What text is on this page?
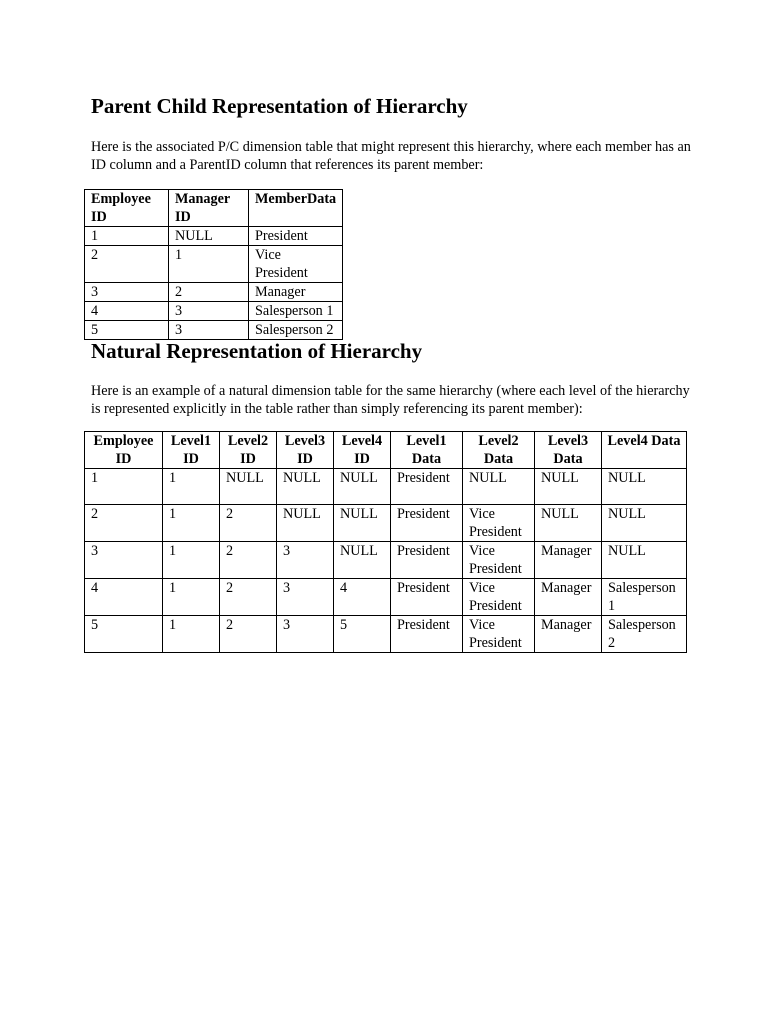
Parent Child Representation of Hierarchy

Here is the associated P/C dimension table that might represent this hierarchy, where each member has an ID column and a ParentID column that references its parent member:

Employee ID	Manager ID	MemberData
1	NULL	President
2	1	Vice President
3	2	Manager
4	3	Salesperson 1
5	3	Salesperson 2
Natural Representation of Hierarchy

Here is an example of a natural dimension table for the same hierarchy (where each level of the hierarchy is represented explicitly in the table rather than simply referencing its parent member):

Employee ID	Level1 ID	Level2 ID	Level3 ID	Level4 ID	Level1 Data	Level2 Data	Level3 Data	Level4 Data
1	1	NULL	NULL	NULL	President	NULL	NULL	NULL
2	1	2	NULL	NULL	President	Vice President	NULL	NULL
3	1	2	3	NULL	President	Vice President	Manager	NULL
4	1	2	3	4	President	Vice President	Manager	Salesperson 1
5	1	2	3	5	President	Vice President	Manager	Salesperson 2
